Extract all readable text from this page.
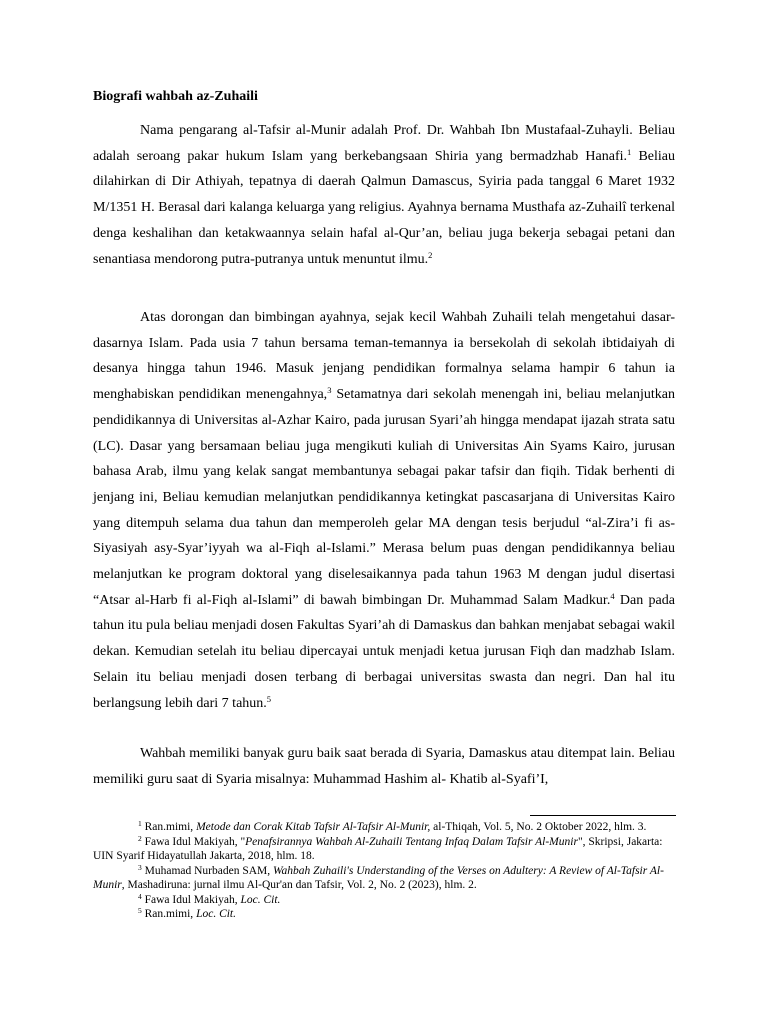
Biografi wahbah az-Zuhaili

Nama pengarang al-Tafsir al-Munir adalah Prof. Dr. Wahbah Ibn Mustafaal-Zuhayli. Beliau adalah seroang pakar hukum Islam yang berkebangsaan Shiria yang bermadzhab Hanafi.$^1$ Beliau dilahirkan di Dir Athiyah, tepatnya di daerah Qalmun Damascus, Syiria pada tanggal 6 Maret 1932 M/1351 H. Berasal dari kalanga keluarga yang religius. Ayahnya bernama Musthafa az-Zuhailî terkenal denga keshalihan dan ketakwaannya selain hafal al-Qur’an, beliau juga bekerja sebagai petani dan senantiasa mendorong putra-putranya untuk menuntut ilmu.$^2$

Atas dorongan dan bimbingan ayahnya, sejak kecil Wahbah Zuhaili telah mengetahui dasar-dasarnya Islam. Pada usia 7 tahun bersama teman-temannya ia bersekolah di sekolah ibtidaiyah di desanya hingga tahun 1946. Masuk jenjang pendidikan formalnya selama hampir 6 tahun ia menghabiskan pendidikan menengahnya,$^3$ Setamatnya dari sekolah menengah ini, beliau melanjutkan pendidikannya di Universitas al-Azhar Kairo, pada jurusan Syari’ah hingga mendapat ijazah strata satu (LC). Dasar yang bersamaan beliau juga mengikuti kuliah di Universitas Ain Syams Kairo, jurusan bahasa Arab, ilmu yang kelak sangat membantunya sebagai pakar tafsir dan fiqih. Tidak berhenti di jenjang ini, Beliau kemudian melanjutkan pendidikannya ketingkat pascasarjana di Universitas Kairo yang ditempuh selama dua tahun dan memperoleh gelar MA dengan tesis berjudul “al-Zira’i fi as-Siyasiyah asy-Syar’iyyah wa al-Fiqh al-Islami.” Merasa belum puas dengan pendidikannya beliau melanjutkan ke program doktoral yang diselesaikannya pada tahun 1963 M dengan judul disertasi “Atsar al-Harb fi al-Fiqh al-Islami” di bawah bimbingan Dr. Muhammad Salam Madkur.$^4$ Dan pada tahun itu pula beliau menjadi dosen Fakultas Syari’ah di Damaskus dan bahkan menjabat sebagai wakil dekan. Kemudian setelah itu beliau dipercayai untuk menjadi ketua jurusan Fiqh dan madzhab Islam. Selain itu beliau menjadi dosen terbang di berbagai universitas swasta dan negri. Dan hal itu berlangsung lebih dari 7 tahun.$^5$

Wahbah memiliki banyak guru baik saat berada di Syaria, Damaskus atau ditempat lain. Beliau memiliki guru saat di Syaria misalnya: Muhammad Hashim al- Khatib al-Syafi’I,

$^1$ Ran.mimi, Metode dan Corak Kitab Tafsir Al-Tafsir Al-Munir, al-Thiqah, Vol. 5, No. 2 Oktober 2022, hlm. 3.

$^2$ Fawa Idul Makiyah, "Penafsirannya Wahbah Al-Zuhaili Tentang Infaq Dalam Tafsir Al-Munir", Skripsi, Jakarta: UIN Syarif Hidayatullah Jakarta, 2018, hlm. 18.

$^3$ Muhamad Nurbaden SAM, Wahbah Zuhaili's Understanding of the Verses on Adultery: A Review of Al-Tafsir Al-Munir, Mashadiruna: jurnal ilmu Al-Qur'an dan Tafsir, Vol. 2, No. 2 (2023), hlm. 2.

$^4$ Fawa Idul Makiyah, Loc. Cit.

$^5$ Ran.mimi, Loc. Cit.
